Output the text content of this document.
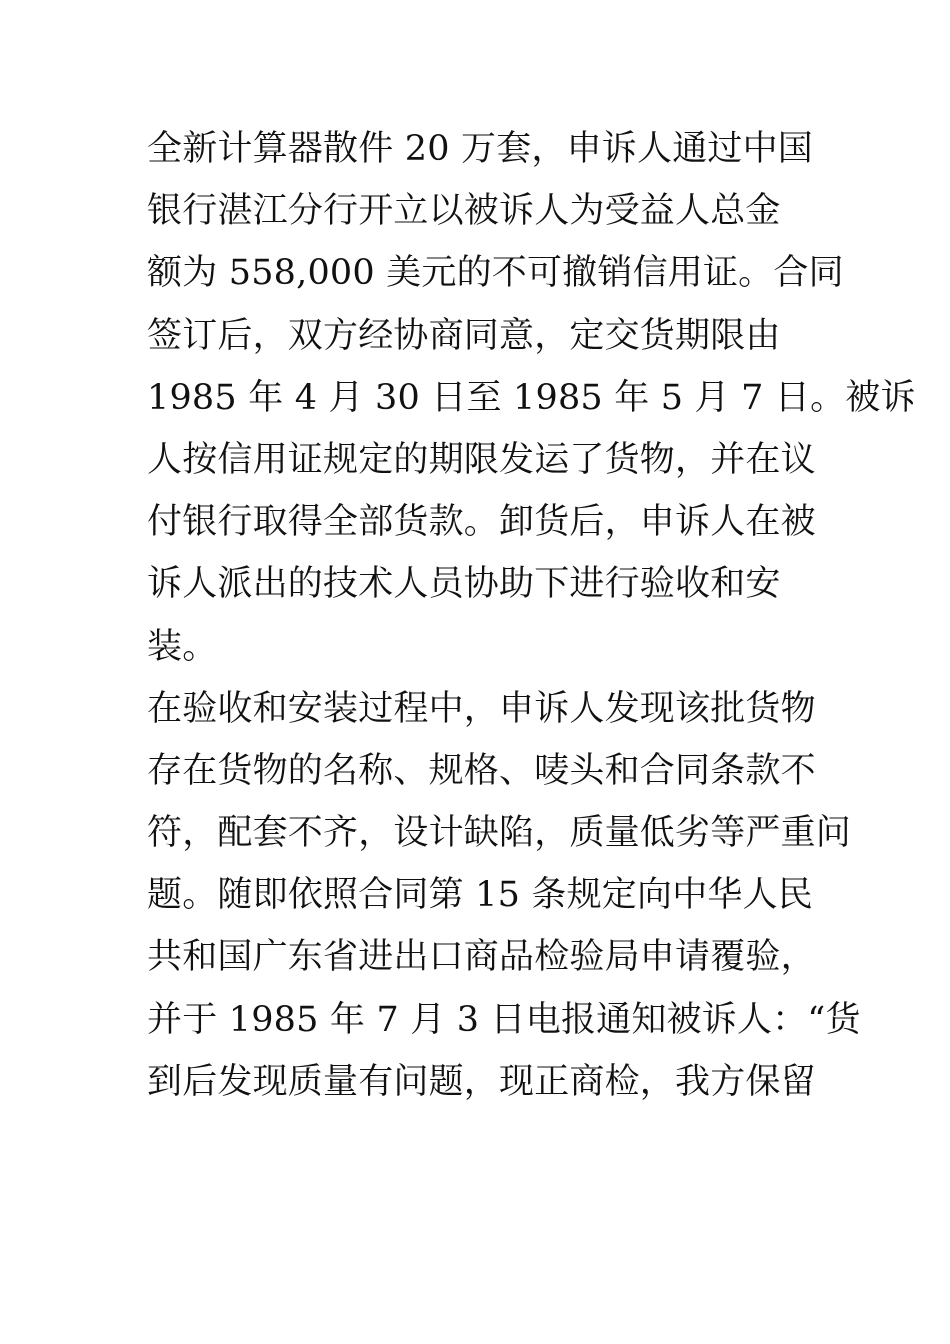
全新计算器散件 20 万套，申诉人通过中国
银行湛江分行开立以被诉人为受益人总金
额为 558,000 美元的不可撤销信用证。合同
签订后，双方经协商同意，定交货期限由
1985 年 4 月 30 日至 1985 年 5 月 7 日。被诉
人按信用证规定的期限发运了货物，并在议
付银行取得全部货款。卸货后，申诉人在被
诉人派出的技术人员协助下进行验收和安
装。
在验收和安装过程中，申诉人发现该批货物
存在货物的名称、规格、唛头和合同条款不
符，配套不齐，设计缺陷，质量低劣等严重问
题。随即依照合同第 15 条规定向中华人民
共和国广东省进出口商品检验局申请覆验，
并于 1985 年 7 月 3 日电报通知被诉人：“货
到后发现质量有问题，现正商检，我方保留
